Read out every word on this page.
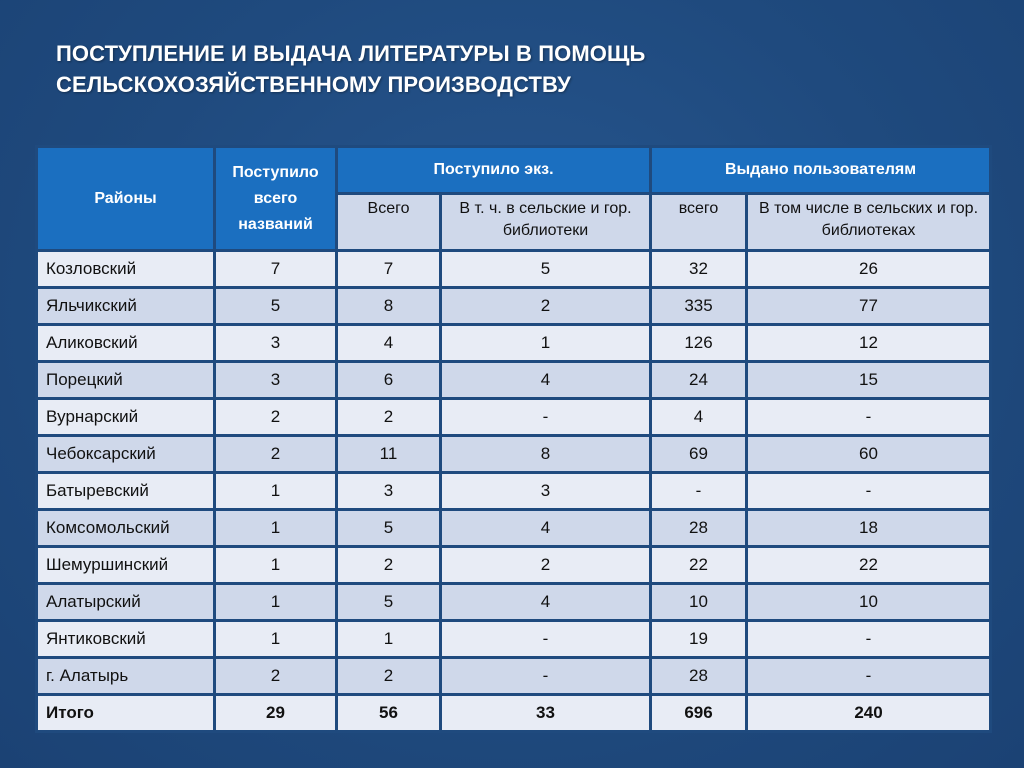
ПОСТУПЛЕНИЕ И ВЫДАЧА ЛИТЕРАТУРЫ В ПОМОЩЬ
СЕЛЬСКОХОЗЯЙСТВЕННОМУ ПРОИЗВОДСТВУ
Районы	Поступило всего названий	Поступило экз.		Выдано пользователям	
		Всего	В т. ч. в сельские и гор. библиотеки	всего	В том числе в сельских и гор. библиотеках
Козловский	7	7	5	32	26
Яльчикский	5	8	2	335	77
Аликовский	3	4	1	126	12
Порецкий	3	6	4	24	15
Вурнарский	2	2	-	4	-
Чебоксарский	2	11	8	69	60
Батыревский	1	3	3	-	-
Комсомольский	1	5	4	28	18
Шемуршинский	1	2	2	22	22
Алатырский	1	5	4	10	10
Янтиковский	1	1	-	19	-
г. Алатырь	2	2	-	28	-
Итого	29	56	33	696	240
